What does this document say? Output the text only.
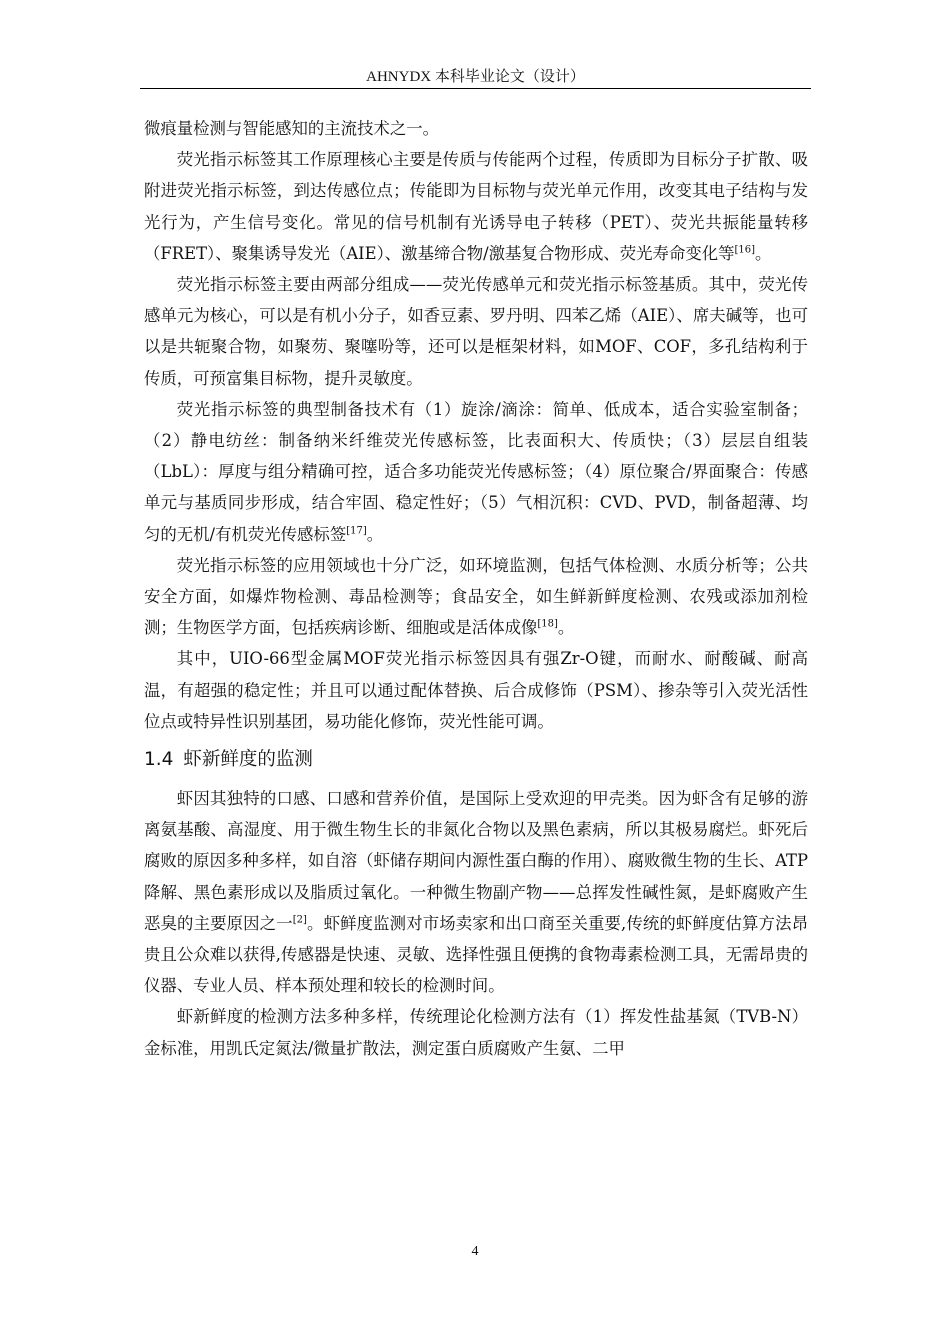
AHNYDX 本科毕业论文（设计）

微痕量检测与智能感知的主流技术之一。

荧光指示标签其工作原理核心主要是传质与传能两个过程，传质即为目标分子扩散、吸附进荧光指示标签，到达传感位点；传能即为目标物与荧光单元作用，改变其电子结构与发光行为，产生信号变化。常见的信号机制有光诱导电子转移（PET）、荧光共振能量转移（FRET）、聚集诱导发光（AIE）、激基缔合物/激基复合物形成、荧光寿命变化等[16]。

荧光指示标签主要由两部分组成——荧光传感单元和荧光指示标签基质。其中，荧光传感单元为核心，可以是有机小分子，如香豆素、罗丹明、四苯乙烯（AIE）、席夫碱等，也可以是共轭聚合物，如聚芴、聚噻吩等，还可以是框架材料，如MOF、COF，多孔结构利于传质，可预富集目标物，提升灵敏度。

荧光指示标签的典型制备技术有（1）旋涂/滴涂：简单、低成本，适合实验室制备；（2）静电纺丝：制备纳米纤维荧光传感标签，比表面积大、传质快；（3）层层自组装（LbL）：厚度与组分精确可控，适合多功能荧光传感标签；（4）原位聚合/界面聚合：传感单元与基质同步形成，结合牢固、稳定性好；（5）气相沉积：CVD、PVD，制备超薄、均匀的无机/有机荧光传感标签[17]。

荧光指示标签的应用领域也十分广泛，如环境监测，包括气体检测、水质分析等；公共安全方面，如爆炸物检测、毒品检测等；食品安全，如生鲜新鲜度检测、农残或添加剂检测；生物医学方面，包括疾病诊断、细胞或是活体成像[18]。

其中，UIO-66型金属MOF荧光指示标签因具有强Zr-O键，而耐水、耐酸碱、耐高温，有超强的稳定性；并且可以通过配体替换、后合成修饰（PSM）、掺杂等引入荧光活性位点或特异性识别基团，易功能化修饰，荧光性能可调。

1.4 虾新鲜度的监测

虾因其独特的口感、口感和营养价值，是国际上受欢迎的甲壳类。因为虾含有足够的游离氨基酸、高湿度、用于微生物生长的非氮化合物以及黑色素病，所以其极易腐烂。虾死后腐败的原因多种多样，如自溶（虾储存期间内源性蛋白酶的作用）、腐败微生物的生长、ATP降解、黑色素形成以及脂质过氧化。一种微生物副产物——总挥发性碱性氮，是虾腐败产生恶臭的主要原因之一[2]。虾鲜度监测对市场卖家和出口商至关重要,传统的虾鲜度估算方法昂贵且公众难以获得,传感器是快速、灵敏、选择性强且便携的食物毒素检测工具，无需昂贵的仪器、专业人员、样本预处理和较长的检测时间。

虾新鲜度的检测方法多种多样，传统理论化检测方法有（1）挥发性盐基氮（TVB-N）金标准，用凯氏定氮法/微量扩散法，测定蛋白质腐败产生氨、二甲

4
